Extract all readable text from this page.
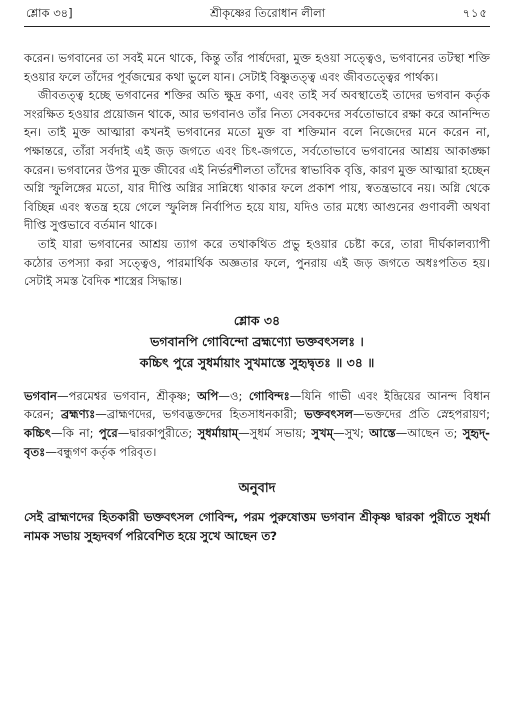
শ্লোক ৩৪]	শ্রীকৃষ্ণের তিরোধান লীলা	৭১৫

করেন। ভগবানের তা সবই মনে থাকে, কিন্তু তাঁর পার্ষদেরা, মুক্ত হওয়া সত্ত্বেও, ভগবানের তটস্থা শক্তি হওয়ার ফলে তাঁদের পূর্বজন্মের কথা ভুলে যান। সেটাই বিষ্ণুতত্ত্ব এবং জীবতত্ত্বের পার্থক্য।

জীবতত্ত্ব হচ্ছে ভগবানের শক্তির অতি ক্ষুদ্র কণা, এবং তাই সর্ব অবস্থাতেই তাদের ভগবান কর্তৃক সংরক্ষিত হওয়ার প্রয়োজন থাকে, আর ভগবানও তাঁর নিত্য সেবকদের সর্বতোভাবে রক্ষা করে আনন্দিত হন। তাই মুক্ত আত্মারা কখনই ভগবানের মতো মুক্ত বা শক্তিমান বলে নিজেদের মনে করেন না, পক্ষান্তরে, তাঁরা সর্বদাই এই জড় জগতে এবং চিৎ-জগতে, সর্বতোভাবে ভগবানের আশ্রয় আকাঙ্ক্ষা করেন। ভগবানের উপর মুক্ত জীবের এই নির্ভরশীলতা তাঁদের স্বাভাবিক বৃত্তি, কারণ মুক্ত আত্মারা হচ্ছেন অগ্নি স্ফুলিঙ্গের মতো, যার দীপ্তি অগ্নির সান্নিধ্যে থাকার ফলে প্রকাশ পায়, স্বতন্ত্রভাবে নয়। অগ্নি থেকে বিচ্ছিন্ন এবং স্বতন্ত্র হয়ে গেলে স্ফুলিঙ্গ নির্বাপিত হয়ে যায়, যদিও তার মধ্যে আগুনের গুণাবলী অথবা দীপ্তি সুপ্তভাবে বর্তমান থাকে।

তাই যারা ভগবানের আশ্রয় ত্যাগ করে তথাকথিত প্রভু হওয়ার চেষ্টা করে, তারা দীর্ঘকালব্যাপী কঠোর তপস্যা করা সত্ত্বেও, পারমার্থিক অজ্ঞতার ফলে, পুনরায় এই জড় জগতে অধঃপতিত হয়। সেটাই সমস্ত বৈদিক শাস্ত্রের সিদ্ধান্ত।

শ্লোক ৩৪
ভগবানপি গোবিন্দো ব্রহ্মণ্যো ভক্তবৎসলঃ ।
কচ্চিৎ পুরে সুধর্মায়াং সুখমাস্তে সুহৃদ্বৃতঃ ॥ ৩৪ ॥
ভগবান—পরমেশ্বর ভগবান, শ্রীকৃষ্ণ; অপি—ও; গোবিন্দঃ—যিনি গাভী এবং ইন্দ্রিয়ের আনন্দ বিধান করেন; ব্রহ্মণ্যঃ—ব্রাহ্মণদের, ভগবদ্ভক্তদের হিতসাধনকারী; ভক্তবৎসল—ভক্তদের প্রতি স্নেহপরায়ণ; কচ্চিৎ—কি না; পুরে—দ্বারকাপুরীতে; সুধর্মায়াম্—সুধর্ম সভায়; সুখম্—সুখ; আস্তে—আছেন ত; সুহৃদ্-বৃতঃ—বন্ধুগণ কর্তৃক পরিবৃত।
অনুবাদ
সেই ব্রাহ্মণদের হিতকারী ভক্তবৎসল গোবিন্দ, পরম পুরুষোত্তম ভগবান শ্রীকৃষ্ণ দ্বারকা পুরীতে সুধর্মা নামক সভায় সুহৃদবর্গ পরিবেশিত হয়ে সুখে আছেন ত?
